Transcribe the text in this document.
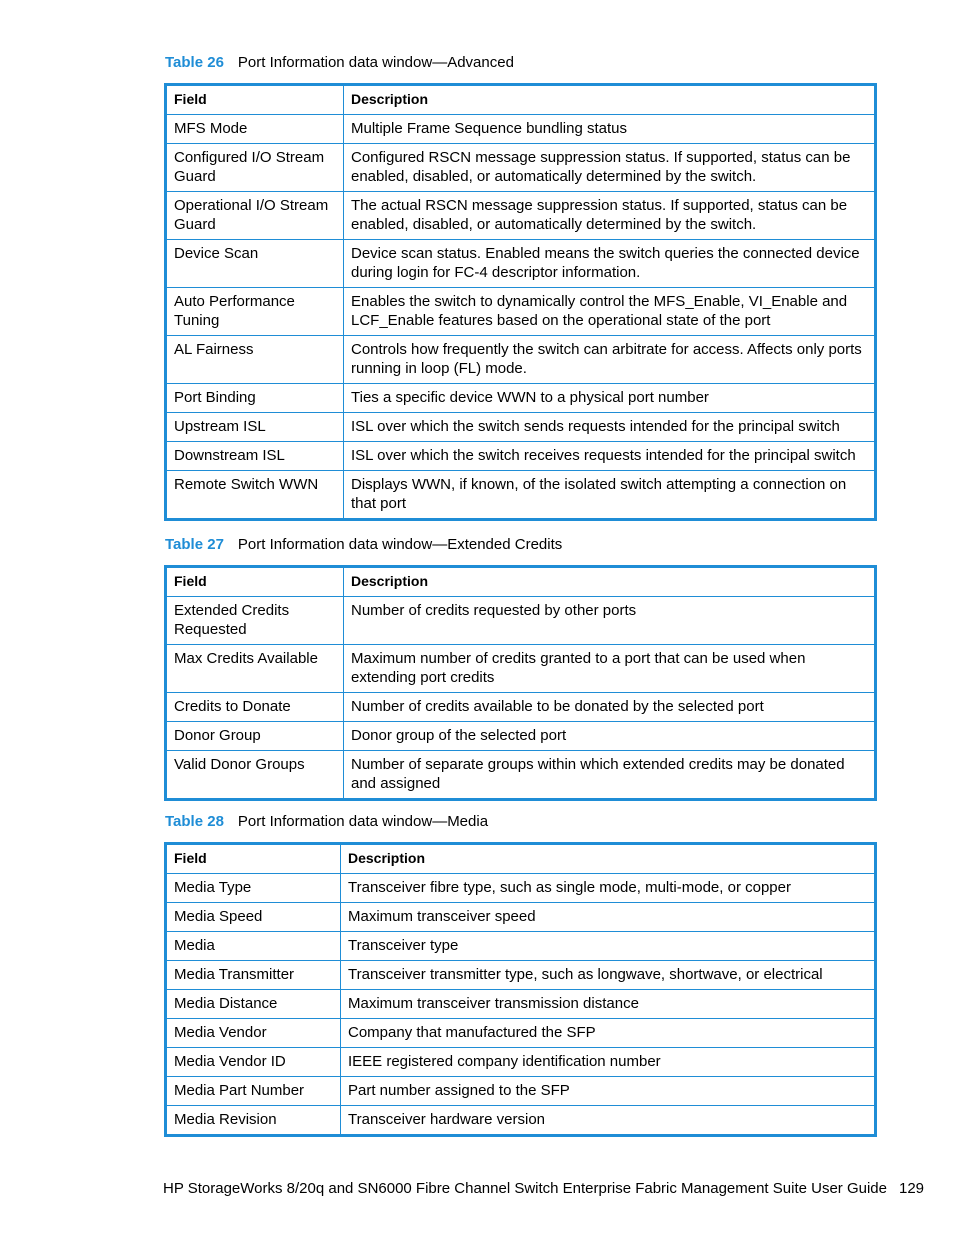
Table 26 Port Information data window—Advanced
Field	Description
MFS Mode	Multiple Frame Sequence bundling status
Configured I/O Stream Guard	Configured RSCN message suppression status. If supported, status can be enabled, disabled, or automatically determined by the switch.
Operational I/O Stream Guard	The actual RSCN message suppression status. If supported, status can be enabled, disabled, or automatically determined by the switch.
Device Scan	Device scan status. Enabled means the switch queries the connected device during login for FC-4 descriptor information.
Auto Performance Tuning	Enables the switch to dynamically control the MFS_Enable, VI_Enable and LCF_Enable features based on the operational state of the port
AL Fairness	Controls how frequently the switch can arbitrate for access. Affects only ports running in loop (FL) mode.
Port Binding	Ties a specific device WWN to a physical port number
Upstream ISL	ISL over which the switch sends requests intended for the principal switch
Downstream ISL	ISL over which the switch receives requests intended for the principal switch
Remote Switch WWN	Displays WWN, if known, of the isolated switch attempting a connection on that port
Table 27 Port Information data window—Extended Credits
Field	Description
Extended Credits Requested	Number of credits requested by other ports
Max Credits Available	Maximum number of credits granted to a port that can be used when extending port credits
Credits to Donate	Number of credits available to be donated by the selected port
Donor Group	Donor group of the selected port
Valid Donor Groups	Number of separate groups within which extended credits may be donated and assigned
Table 28 Port Information data window—Media
Field	Description
Media Type	Transceiver fibre type, such as single mode, multi-mode, or copper
Media Speed	Maximum transceiver speed
Media	Transceiver type
Media Transmitter	Transceiver transmitter type, such as longwave, shortwave, or electrical
Media Distance	Maximum transceiver transmission distance
Media Vendor	Company that manufactured the SFP
Media Vendor ID	IEEE registered company identification number
Media Part Number	Part number assigned to the SFP
Media Revision	Transceiver hardware version
HP StorageWorks 8/20q and SN6000 Fibre Channel Switch Enterprise Fabric Management Suite User Guide 129
